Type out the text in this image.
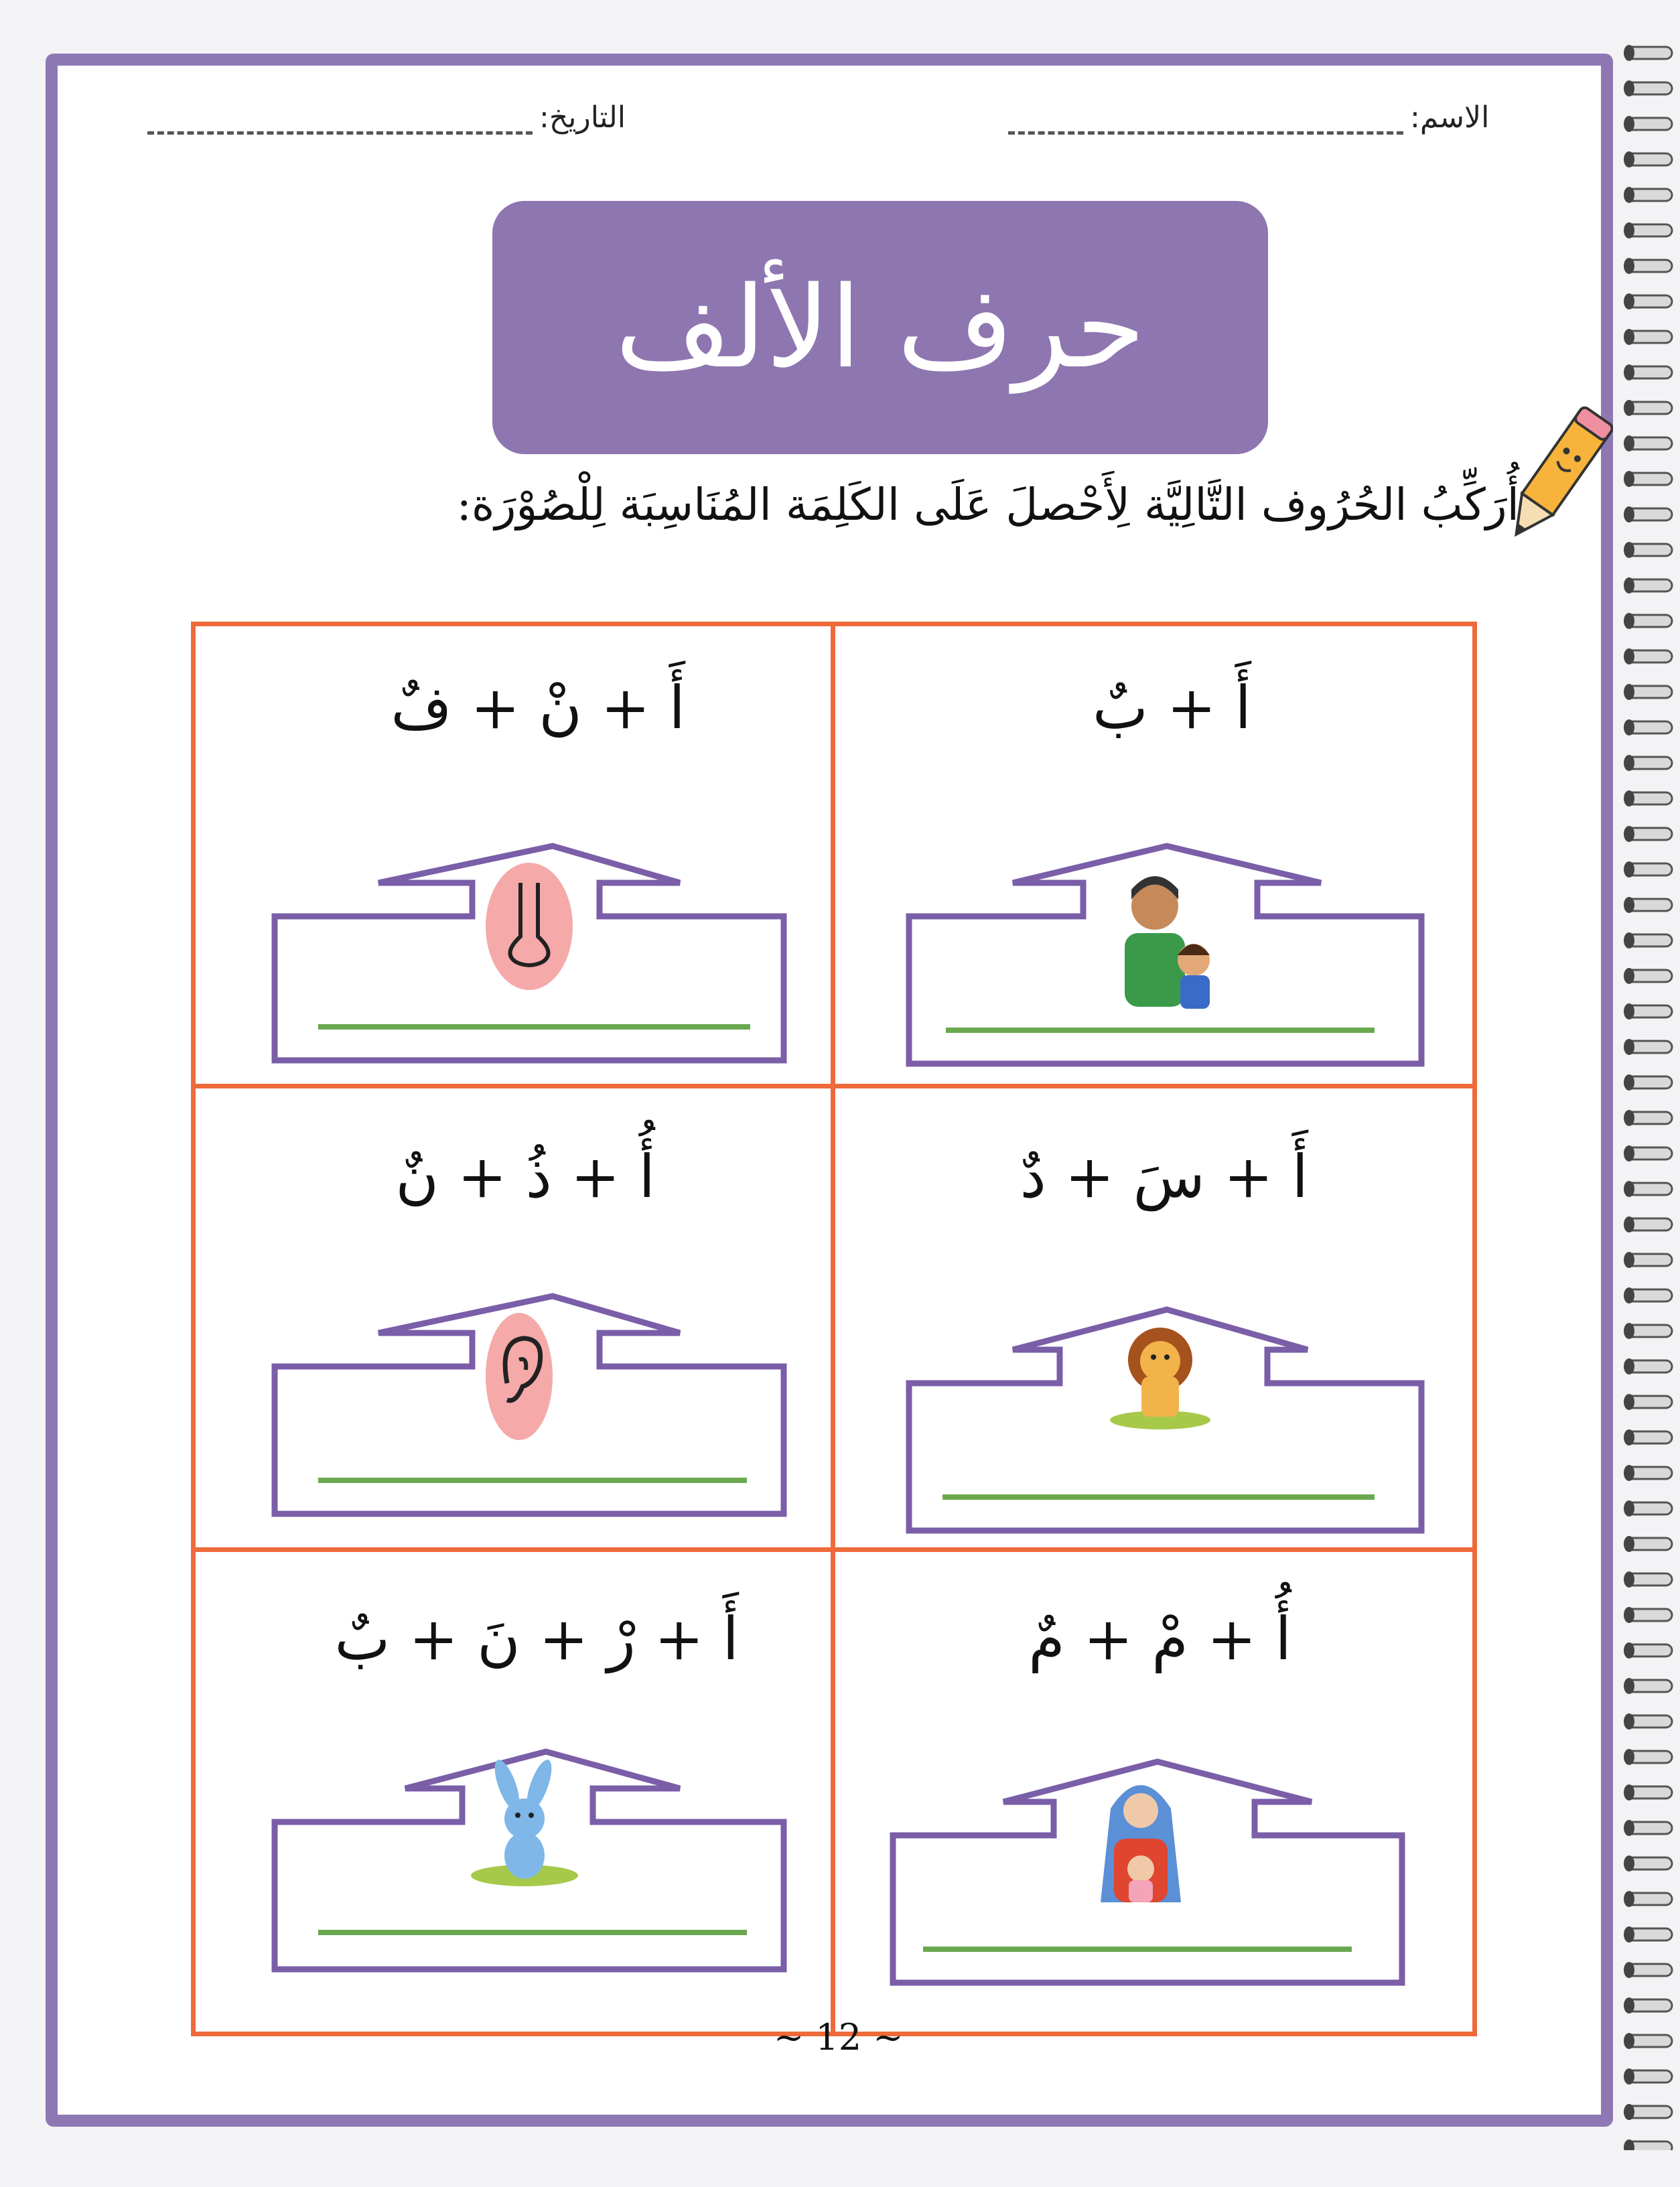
الاسم:
التاريخ:
حرف الألف
أُرَكِّبُ الحُرُوف التَّالِيَّة لِأَحْصلَ عَلَى الكَلِمَة المُنَاسِبَة لِلْصُوْرَة:
أَ + بٌ
أَ + نْ + فٌ
أَ + سَ + دٌ
أُ + ذُ + نٌ
أُ + مْ + مٌ
أَ + رْ + نَ + بٌ
~ 12 ~
